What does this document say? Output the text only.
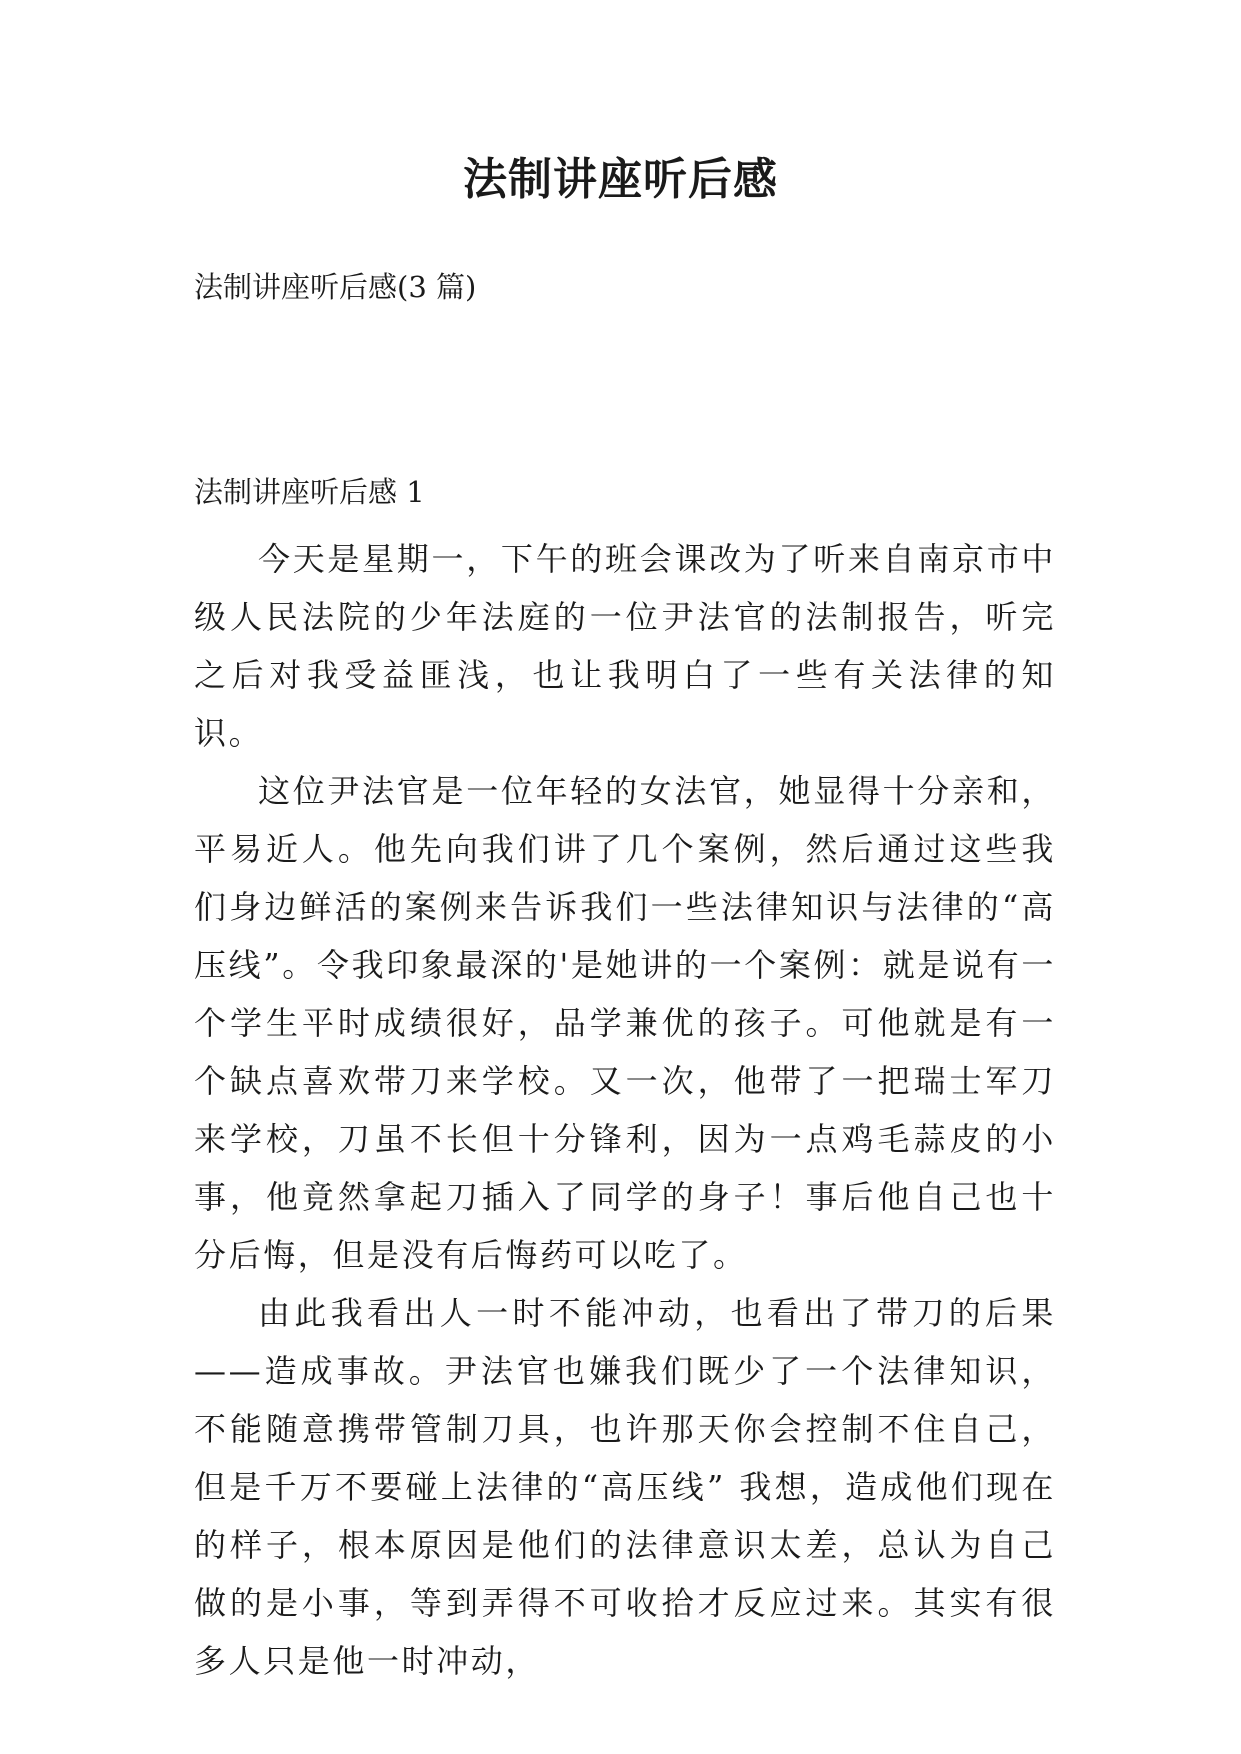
法制讲座听后感

法制讲座听后感(3 篇)

法制讲座听后感 1

今天是星期一，下午的班会课改为了听来自南京市中级人民法院的少年法庭的一位尹法官的法制报告，听完之后对我受益匪浅，也让我明白了一些有关法律的知识。

这位尹法官是一位年轻的女法官，她显得十分亲和，平易近人。他先向我们讲了几个案例，然后通过这些我们身边鲜活的案例来告诉我们一些法律知识与法律的“高压线”。令我印象最深的'是她讲的一个案例：就是说有一个学生平时成绩很好，品学兼优的孩子。可他就是有一个缺点喜欢带刀来学校。又一次，他带了一把瑞士军刀来学校，刀虽不长但十分锋利，因为一点鸡毛蒜皮的小事，他竟然拿起刀插入了同学的身子！事后他自己也十分后悔，但是没有后悔药可以吃了。

由此我看出人一时不能冲动，也看出了带刀的后果——造成事故。尹法官也嫌我们既少了一个法律知识，不能随意携带管制刀具，也许那天你会控制不住自己，但是千万不要碰上法律的“高压线” 我想，造成他们现在的样子，根本原因是他们的法律意识太差，总认为自己做的是小事，等到弄得不可收拾才反应过来。其实有很多人只是他一时冲动，
